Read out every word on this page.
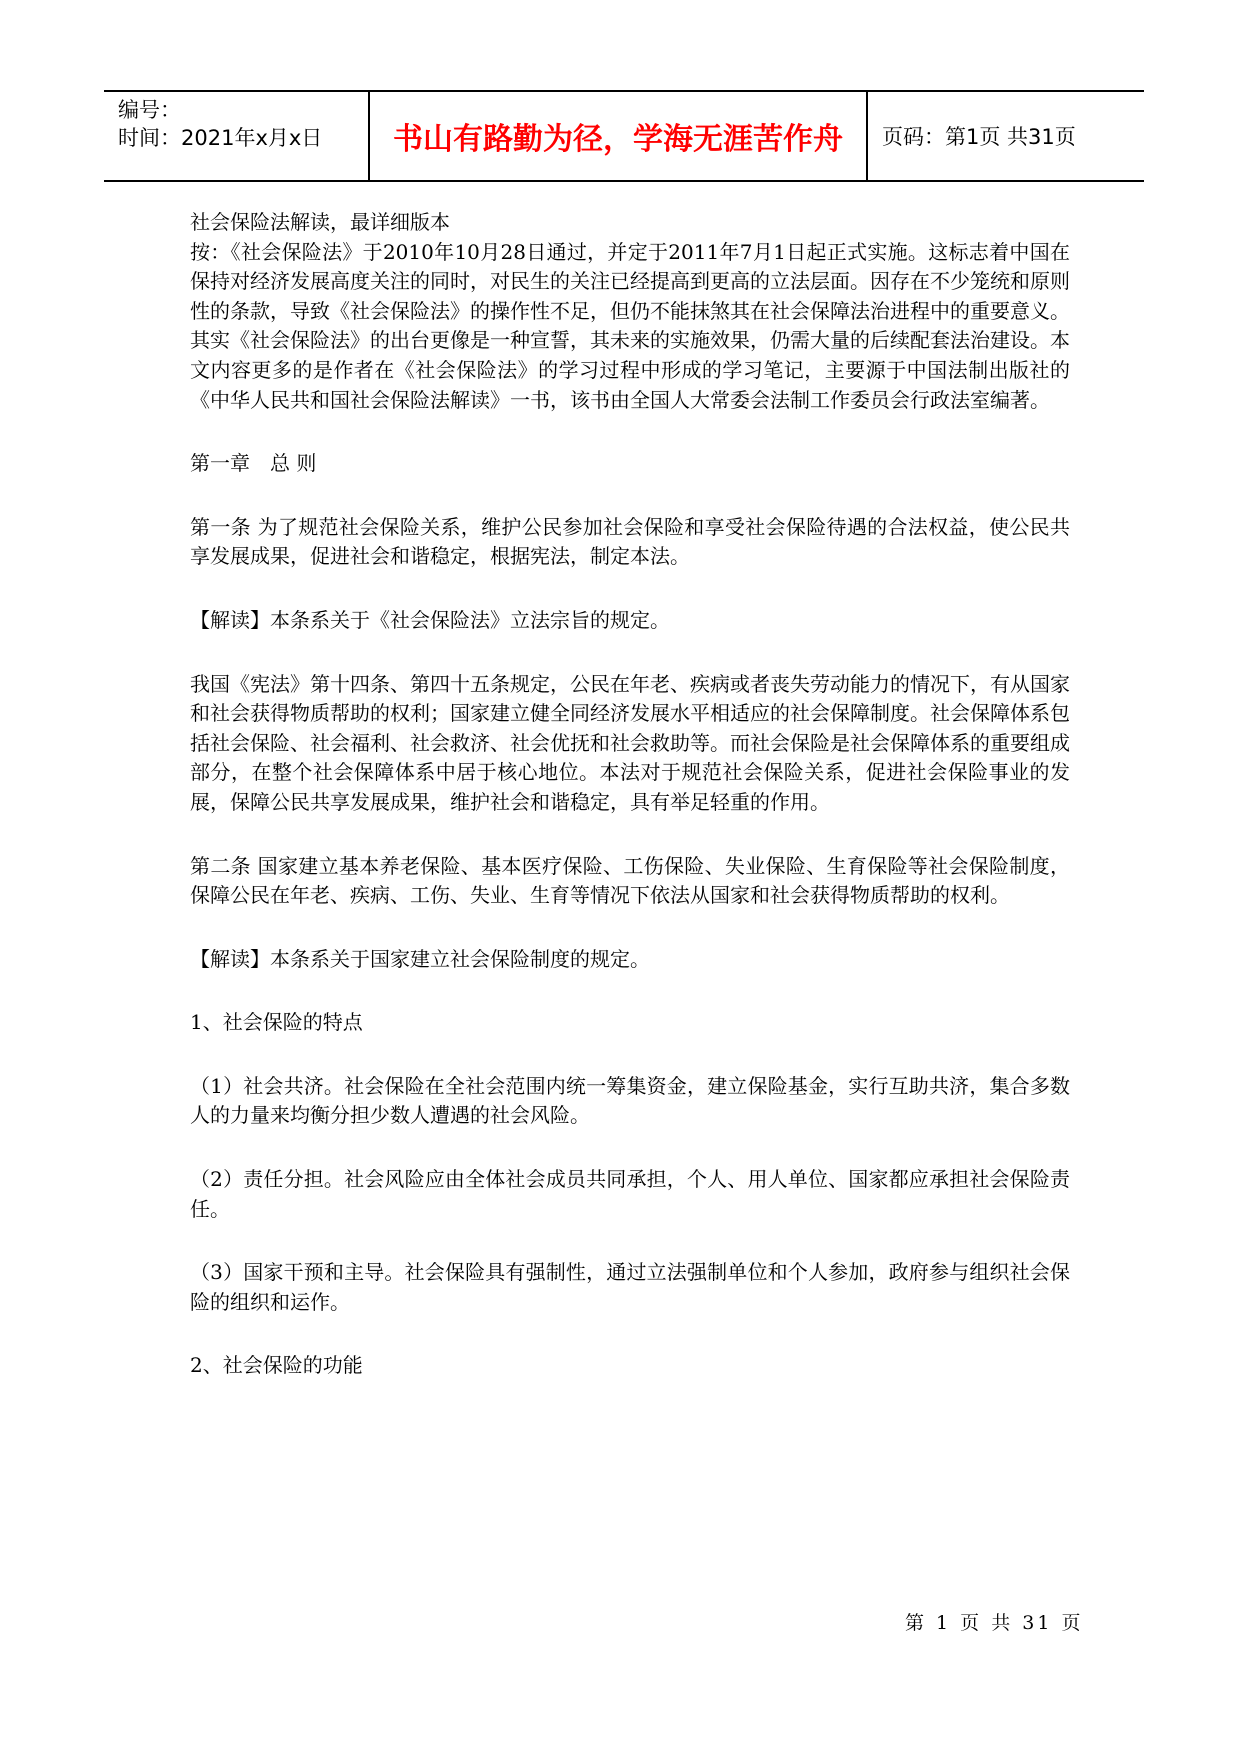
编号：
时间：2021年x月x日	书山有路勤为径，学海无涯苦作舟	页码：第1页 共31页

社会保险法解读，最详细版本

按：《社会保险法》于2010年10月28日通过，并定于2011年7月1日起正式实施。这标志着中国在保持对经济发展高度关注的同时，对民生的关注已经提高到更高的立法层面。因存在不少笼统和原则性的条款，导致《社会保险法》的操作性不足，但仍不能抹煞其在社会保障法治进程中的重要意义。其实《社会保险法》的出台更像是一种宣誓，其未来的实施效果，仍需大量的后续配套法治建设。本文内容更多的是作者在《社会保险法》的学习过程中形成的学习笔记，主要源于中国法制出版社的《中华人民共和国社会保险法解读》一书，该书由全国人大常委会法制工作委员会行政法室编著。

第一章　总 则

第一条 为了规范社会保险关系，维护公民参加社会保险和享受社会保险待遇的合法权益，使公民共享发展成果，促进社会和谐稳定，根据宪法，制定本法。

【解读】本条系关于《社会保险法》立法宗旨的规定。

我国《宪法》第十四条、第四十五条规定，公民在年老、疾病或者丧失劳动能力的情况下，有从国家和社会获得物质帮助的权利；国家建立健全同经济发展水平相适应的社会保障制度。社会保障体系包括社会保险、社会福利、社会救济、社会优抚和社会救助等。而社会保险是社会保障体系的重要组成部分，在整个社会保障体系中居于核心地位。本法对于规范社会保险关系，促进社会保险事业的发展，保障公民共享发展成果，维护社会和谐稳定，具有举足轻重的作用。

第二条 国家建立基本养老保险、基本医疗保险、工伤保险、失业保险、生育保险等社会保险制度，保障公民在年老、疾病、工伤、失业、生育等情况下依法从国家和社会获得物质帮助的权利。

【解读】本条系关于国家建立社会保险制度的规定。

1、社会保险的特点

（1）社会共济。社会保险在全社会范围内统一筹集资金，建立保险基金，实行互助共济，集合多数人的力量来均衡分担少数人遭遇的社会风险。

（2）责任分担。社会风险应由全体社会成员共同承担，个人、用人单位、国家都应承担社会保险责任。

（3）国家干预和主导。社会保险具有强制性，通过立法强制单位和个人参加，政府参与组织社会保险的组织和运作。

2、社会保险的功能

第 1 页 共 31 页
